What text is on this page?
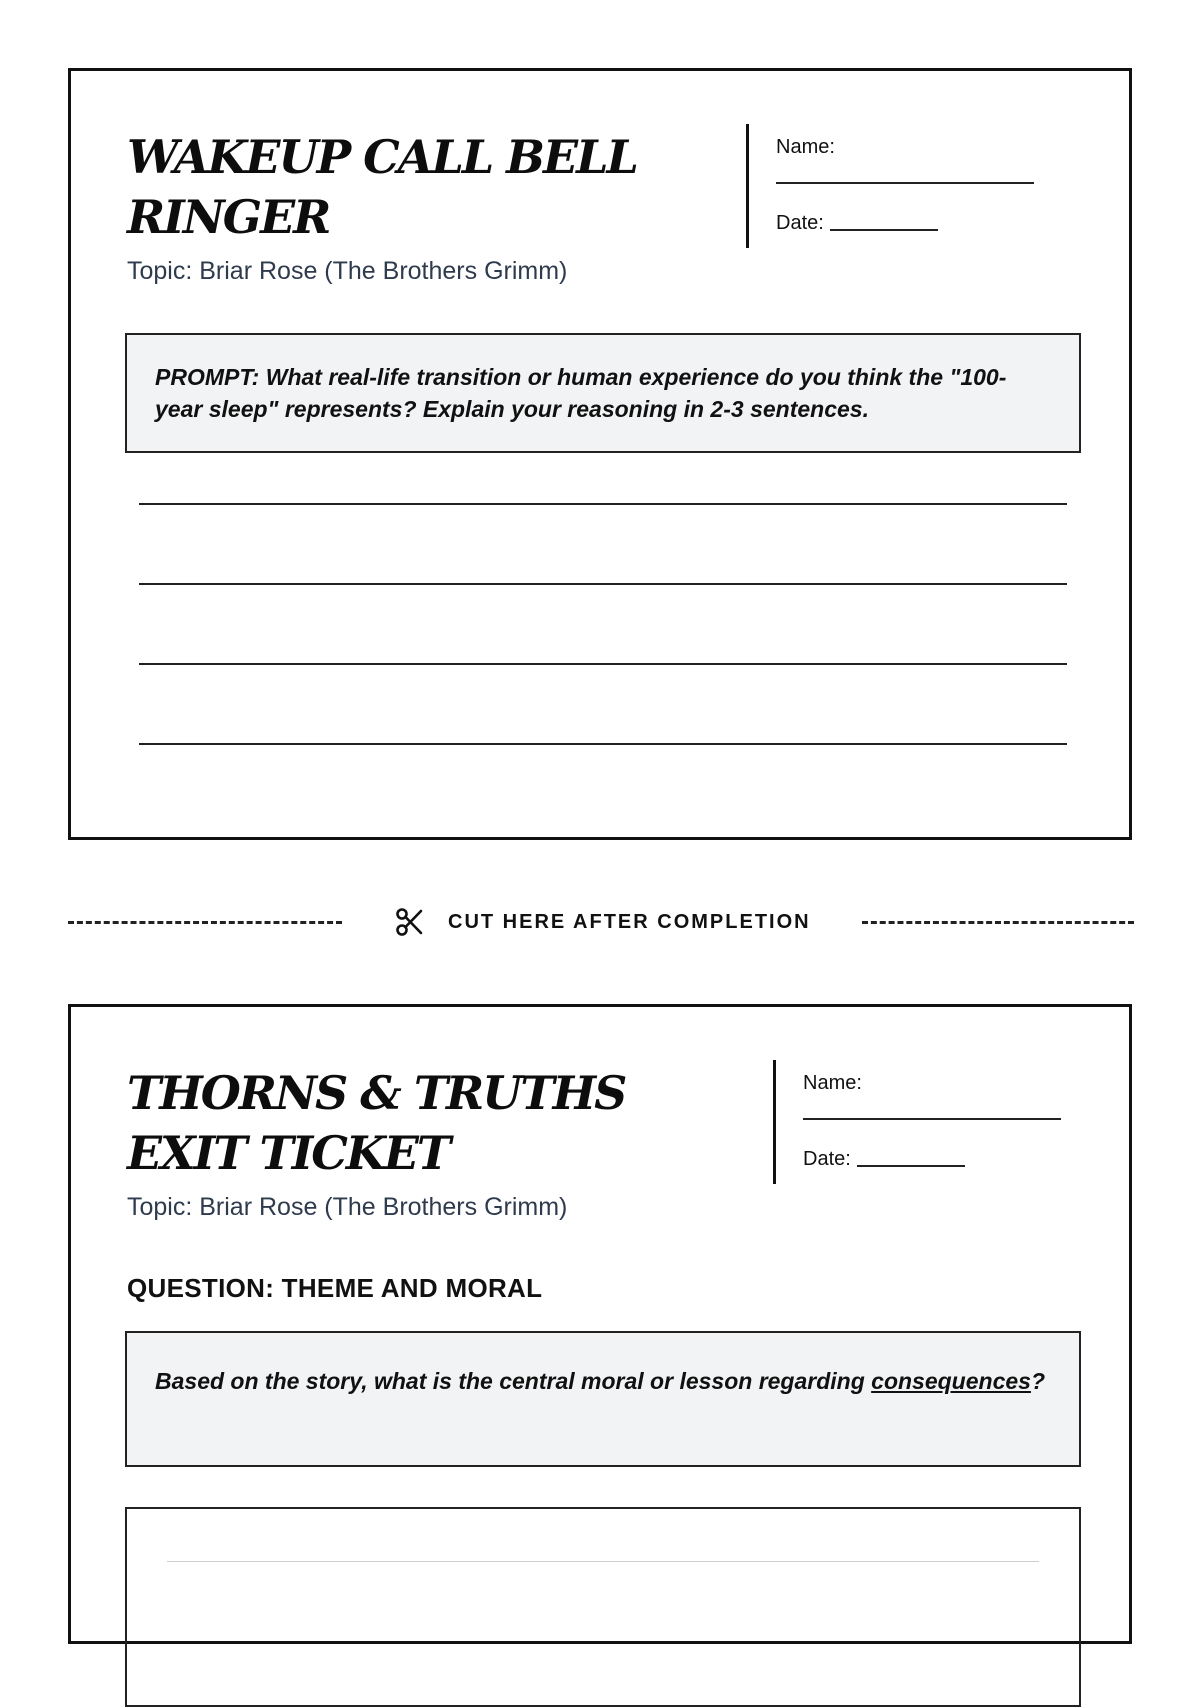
WAKEUP CALL BELL RINGER
Topic: Briar Rose (The Brothers Grimm)
Name:
Date:
PROMPT: What real-life transition or human experience do you think the "100-year sleep" represents? Explain your reasoning in 2-3 sentences.
CUT HERE AFTER COMPLETION
THORNS & TRUTHS EXIT TICKET
Topic: Briar Rose (The Brothers Grimm)
Name:
Date:
QUESTION: THEME AND MORAL
Based on the story, what is the central moral or lesson regarding consequences?
